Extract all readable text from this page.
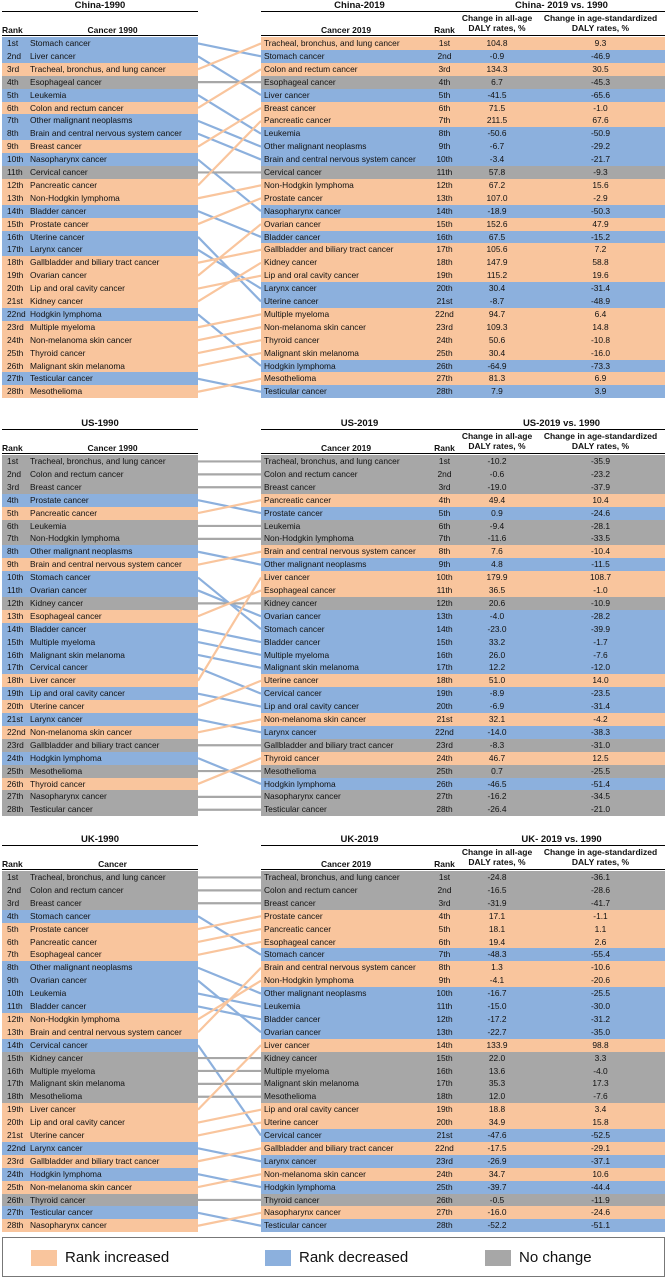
China-1990	China-2019	China- 2019 vs. 1990
Rank	Cancer 1990	Cancer 2019	Rank
Change in all-age DALY rates, %
Change in age-standardized DALY rates, %
1st	Stomach cancer
2nd	Liver cancer
3rd	Tracheal, bronchus, and lung cancer
4th	Esophageal cancer
5th	Leukemia
6th	Colon and rectum cancer
7th	Other malignant neoplasms
8th	Brain and central nervous system cancer
9th	Breast cancer
10th Nasopharynx cancer
11th Cervical cancer
12th Pancreatic cancer
13th Non-Hodgkin lymphoma
14th Bladder cancer
15th Prostate cancer
16th Uterine cancer
17th Larynx cancer
18th Gallbladder and biliary tract cancer
19th Ovarian cancer
20th Lip and oral cavity cancer
21st Kidney cancer
22nd Hodgkin lymphoma
23rd Multiple myeloma
24th Non-melanoma skin cancer
25th Thyroid cancer
26th Malignant skin melanoma
27th Testicular cancer
28th Mesothelioma
Tracheal, bronchus, and lung cancer	1st	104.8	9.3
Stomach cancer	2nd	-0.9	-46.9
Colon and rectum cancer	3rd	134.3	30.5
Esophageal cancer	4th	6.7	-45.3
Liver cancer	5th	-41.5	-65.6
Breast cancer	6th	71.5	-1.0
Pancreatic cancer	7th	211.5	67.6
Leukemia	8th	-50.6	-50.9
Other malignant neoplasms	9th	-6.7	-29.2
Brain and central nervous system cancer	10th	-3.4	-21.7
Cervical cancer	11th	57.8	-9.3
Non-Hodgkin lymphoma	12th	67.2	15.6
Prostate cancer	13th	107.0	-2.9
Nasopharynx cancer	14th	-18.9	-50.3
Ovarian cancer	15th	152.6	47.9
Bladder cancer	16th	67.5	-15.2
Gallbladder and biliary tract cancer	17th	105.6	7.2
Kidney cancer	18th	147.9	58.8
Lip and oral cavity cancer	19th	115.2	19.6
Larynx cancer	20th	30.4	-31.4
Uterine cancer	21st	-8.7	-48.9
Multiple myeloma	22nd	94.7	6.4
Non-melanoma skin cancer	23rd	109.3	14.8
Thyroid cancer	24th	50.6	-10.8
Malignant skin melanoma	25th	30.4	-16.0
Hodgkin lymphoma	26th	-64.9	-73.3
Mesothelioma	27th	81.3	6.9
Testicular cancer	28th	7.9	3.9
US-1990	US-2019	US-2019 vs. 1990
Rank	Cancer 1990	Cancer 2019	Rank
Change in all-age DALY rates, %
Change in age-standardized DALY rates, %
1st	Tracheal, bronchus, and lung cancer
2nd	Colon and rectum cancer
3rd	Breast cancer
4th	Prostate cancer
5th	Pancreatic cancer
6th	Leukemia
7th	Non-Hodgkin lymphoma
8th	Other malignant neoplasms
9th	Brain and central nervous system cancer
10th Stomach cancer
11th Ovarian cancer
12th Kidney cancer
13th Esophageal cancer
14th Bladder cancer
15th Multiple myeloma
16th Malignant skin melanoma
17th Cervical cancer
18th Liver cancer
19th Lip and oral cavity cancer
20th Uterine cancer
21st Larynx cancer
22nd Non-melanoma skin cancer
23rd Gallbladder and biliary tract cancer
24th Hodgkin lymphoma
25th Mesothelioma
26th Thyroid cancer
27th Nasopharynx cancer
28th Testicular cancer
Tracheal, bronchus, and lung cancer	1st	-10.2	-35.9
Colon and rectum cancer	2nd	-0.6	-23.2
Breast cancer	3rd	-19.0	-37.9
Pancreatic cancer	4th	49.4	10.4
Prostate cancer	5th	0.9	-24.6
Leukemia	6th	-9.4	-28.1
Non-Hodgkin lymphoma	7th	-11.6	-33.5
Brain and central nervous system cancer	8th	7.6	-10.4
Other malignant neoplasms	9th	4.8	-11.5
Liver cancer	10th	179.9	108.7
Esophageal cancer	11th	36.5	-1.0
Kidney cancer	12th	20.6	-10.9
Ovarian cancer	13th	-4.0	-28.2
Stomach cancer	14th	-23.0	-39.9
Bladder cancer	15th	33.2	-1.7
Multiple myeloma	16th	26.0	-7.6
Malignant skin melanoma	17th	12.2	-12.0
Uterine cancer	18th	51.0	14.0
Cervical cancer	19th	-8.9	-23.5
Lip and oral cavity cancer	20th	-6.9	-31.4
Non-melanoma skin cancer	21st	32.1	-4.2
Larynx cancer	22nd	-14.0	-38.3
Gallbladder and biliary tract cancer	23rd	-8.3	-31.0
Thyroid cancer	24th	46.7	12.5
Mesothelioma	25th	0.7	-25.5
Hodgkin lymphoma	26th	-46.5	-51.4
Nasopharynx cancer	27th	-16.2	-34.5
Testicular cancer	28th	-26.4	-21.0
UK-1990	UK-2019	UK- 2019 vs. 1990
Rank	Cancer	Cancer 2019	Rank
Change in all-age DALY rates, %
Change in age-standardized DALY rates, %
1st	Tracheal, bronchus, and lung cancer
2nd	Colon and rectum cancer
3rd	Breast cancer
4th	Stomach cancer
5th	Prostate cancer
6th	Pancreatic cancer
7th	Esophageal cancer
8th	Other malignant neoplasms
9th	Ovarian cancer
10th Leukemia
11th Bladder cancer
12th Non-Hodgkin lymphoma
13th Brain and central nervous system cancer
14th Cervical cancer
15th Kidney cancer
16th Multiple myeloma
17th Malignant skin melanoma
18th Mesothelioma
19th Liver cancer
20th Lip and oral cavity cancer
21st Uterine cancer
22nd Larynx cancer
23rd Gallbladder and biliary tract cancer
24th Hodgkin lymphoma
25th Non-melanoma skin cancer
26th Thyroid cancer
27th Testicular cancer
28th Nasopharynx cancer
Tracheal, bronchus, and lung cancer	1st	-24.8	-36.1
Colon and rectum cancer	2nd	-16.5	-28.6
Breast cancer	3rd	-31.9	-41.7
Prostate cancer	4th	17.1	-1.1
Pancreatic cancer	5th	18.1	1.1
Esophageal cancer	6th	19.4	2.6
Stomach cancer	7th	-48.3	-55.4
Brain and central nervous system cancer	8th	1.3	-10.6
Non-Hodgkin lymphoma	9th	-4.1	-20.6
Other malignant neoplasms	10th	-16.7	-25.5
Leukemia	11th	-15.0	-30.0
Bladder cancer	12th	-17.2	-31.2
Ovarian cancer	13th	-22.7	-35.0
Liver cancer	14th	133.9	98.8
Kidney cancer	15th	22.0	3.3
Multiple myeloma	16th	13.6	-4.0
Malignant skin melanoma	17th	35.3	17.3
Mesothelioma	18th	12.0	-7.6
Lip and oral cavity cancer	19th	18.8	3.4
Uterine cancer	20th	34.9	15.8
Cervical cancer	21st	-47.6	-52.5
Gallbladder and biliary tract cancer	22nd	-17.5	-29.1
Larynx cancer	23rd	-26.9	-37.1
Non-melanoma skin cancer	24th	34.7	10.6
Hodgkin lymphoma	25th	-39.7	-44.4
Thyroid cancer	26th	-0.5	-11.9
Nasopharynx cancer	27th	-16.0	-24.6
Testicular cancer	28th	-52.2	-51.1
Rank increased	Rank decreased	No change
